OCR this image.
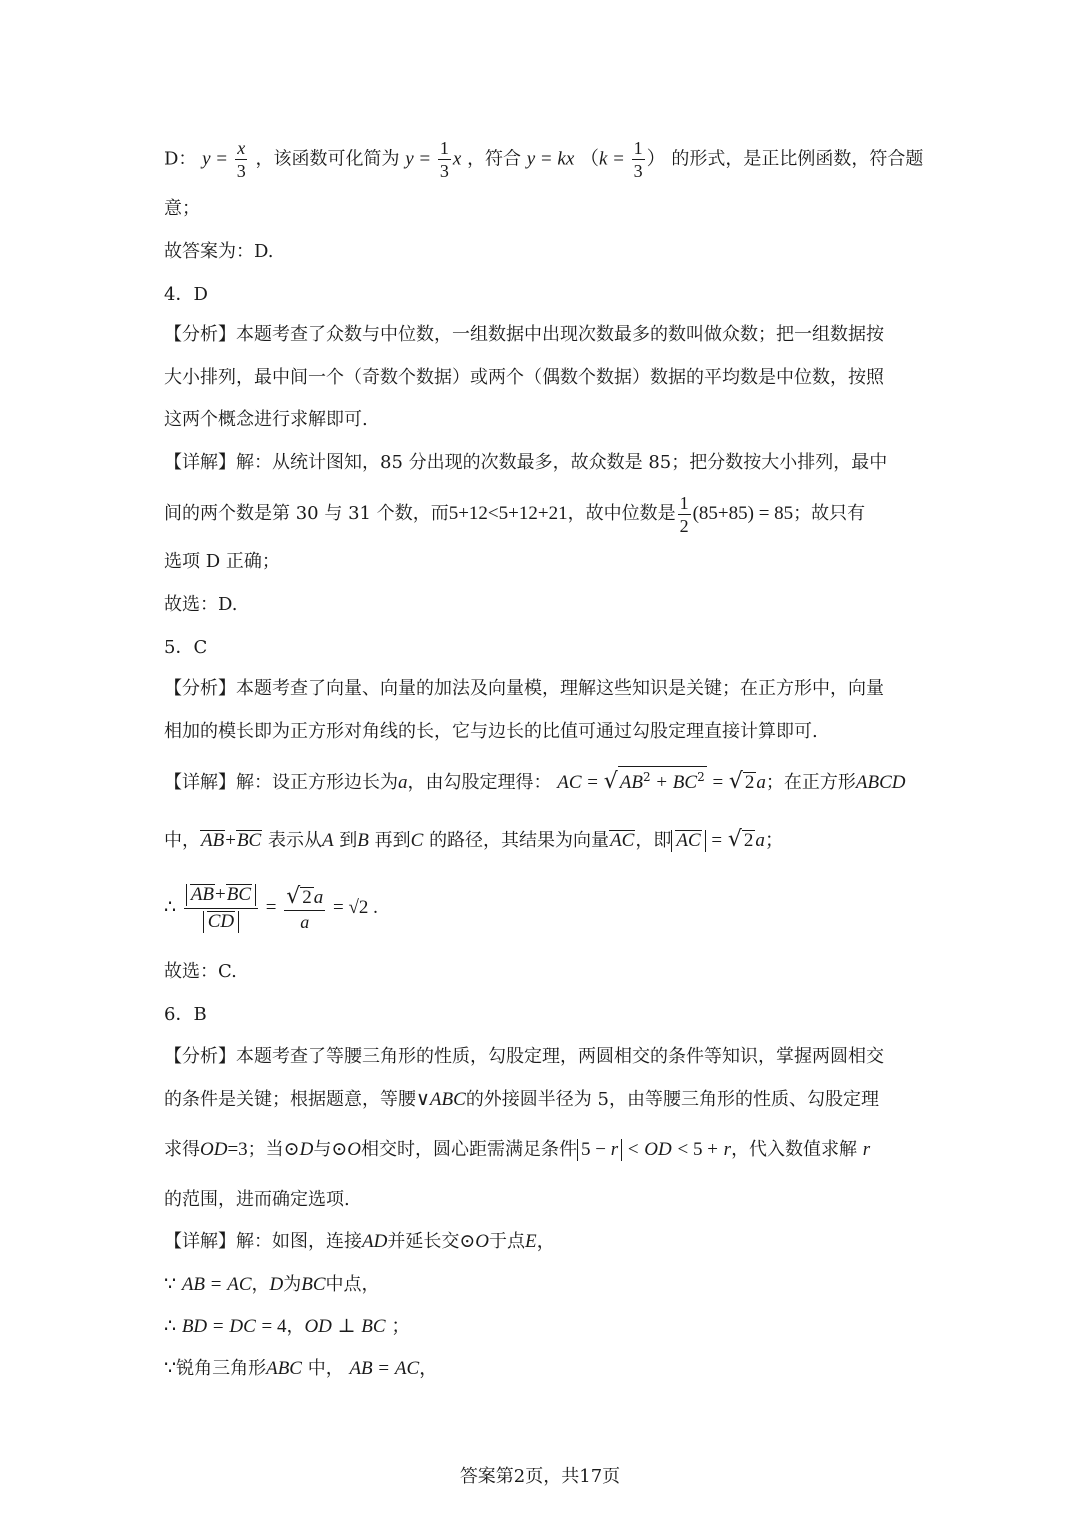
D： $y = \frac{x}{3}$ ，该函数可化简为 $y = \frac{1}{3}$ x ，符合 y = kx （$k = \frac{1}{3}$ ） 的形式，是正比例函数，符合题
意；
故答案为：D.
4．D
【分析】本题考查了众数与中位数，一组数据中出现次数最多的数叫做众数；把一组数据按
大小排列，最中间一个（奇数个数据）或两个（偶数个数据）数据的平均数是中位数，按照
这两个概念进行求解即可.
【详解】解：从统计图知，85 分出现的次数最多，故众数是 85；把分数按大小排列，最中
间的两个数是第 30 与 31 个数，而5+12<5+12+21，故中位数是 $\frac{1}{2} (85+85) = 85$；故只有
选项 D 正确；
故选：D.
5．C
【分析】本题考查了向量、向量的加法及向量模，理解这些知识是关键；在正方形中，向量
相加的模长即为正方形对角线的长，它与边长的比值可通过勾股定理直接计算即可.
【详解】解：设正方形边长为a，由勾股定理得： AC = √ $AB^2 + BC^2$ = √ 2 a；在正方形ABCD
中，AB+BC 表示从A 到B 再到C 的路径，其结果为向量AC，即 AC = √ 2 a；
∴ $\frac{AB+BC}{CD} = \frac{√ 2 a}{a} = √2$ .
故选：C.
6．B
【分析】本题考查了等腰三角形的性质，勾股定理，两圆相交的条件等知识，掌握两圆相交
的条件是关键；根据题意，等腰∨ABC的外接圆半径为 5，由等腰三角形的性质、勾股定理
求得OD=3；当⊙D与⊙O相交时，圆心距需满足条件 5 − r < OD < 5 + r，代入数值求解 r
的范围，进而确定选项.
【详解】解：如图，连接AD并延长交⊙O于点E，
∵ AB = AC，D为BC中点，
∴ BD = DC = 4，OD ⊥ BC ；
∵锐角三角形ABC 中， AB = AC，
答案第2页，共17页
